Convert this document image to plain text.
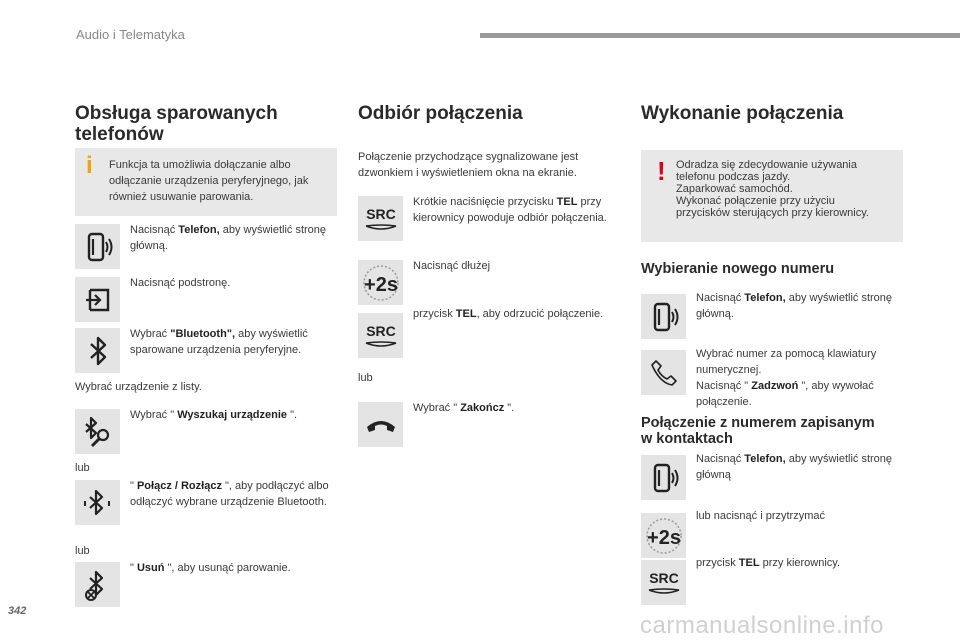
Audio i Telematyka
Obsługa sparowanych telefonów
i Funkcja ta umożliwia dołączanie albo odłączanie urządzenia peryferyjnego, jak również usuwanie parowania.
Nacisnąć Telefon, aby wyświetlić stronę główną.
Nacisnąć podstronę.
Wybrać "Bluetooth", aby wyświetlić sparowane urządzenia peryferyjne.
Wybrać urządzenie z listy.
Wybrać " Wyszukaj urządzenie ".
lub
" Połącz / Rozłącz ", aby podłączyć albo odłączyć wybrane urządzenie Bluetooth.
lub
" Usuń ", aby usunąć parowanie.
Odbiór połączenia
Połączenie przychodzące sygnalizowane jest dzwonkiem i wyświetleniem okna na ekranie.
SRC
Krótkie naciśnięcie przycisku TEL przy kierownicy powoduje odbiór połączenia.
+2s
Nacisnąć dłużej
SRC
przycisk TEL, aby odrzucić połączenie.
lub
Wybrać " Zakończ ".
Wykonanie połączenia
! Odradza się zdecydowanie używania telefonu podczas jazdy.
Zaparkować samochód.
Wykonać połączenie przy użyciu przycisków sterujących przy kierownicy.
Wybieranie nowego numeru
Nacisnąć Telefon, aby wyświetlić stronę główną.
Wybrać numer za pomocą klawiatury numerycznej.
Nacisnąć " Zadzwoń ", aby wywołać połączenie.
Połączenie z numerem zapisanym w kontaktach
Nacisnąć Telefon, aby wyświetlić stronę główną
+2s
lub nacisnąć i przytrzymać
SRC
przycisk TEL przy kierownicy.
342
carmanualsonline.info
